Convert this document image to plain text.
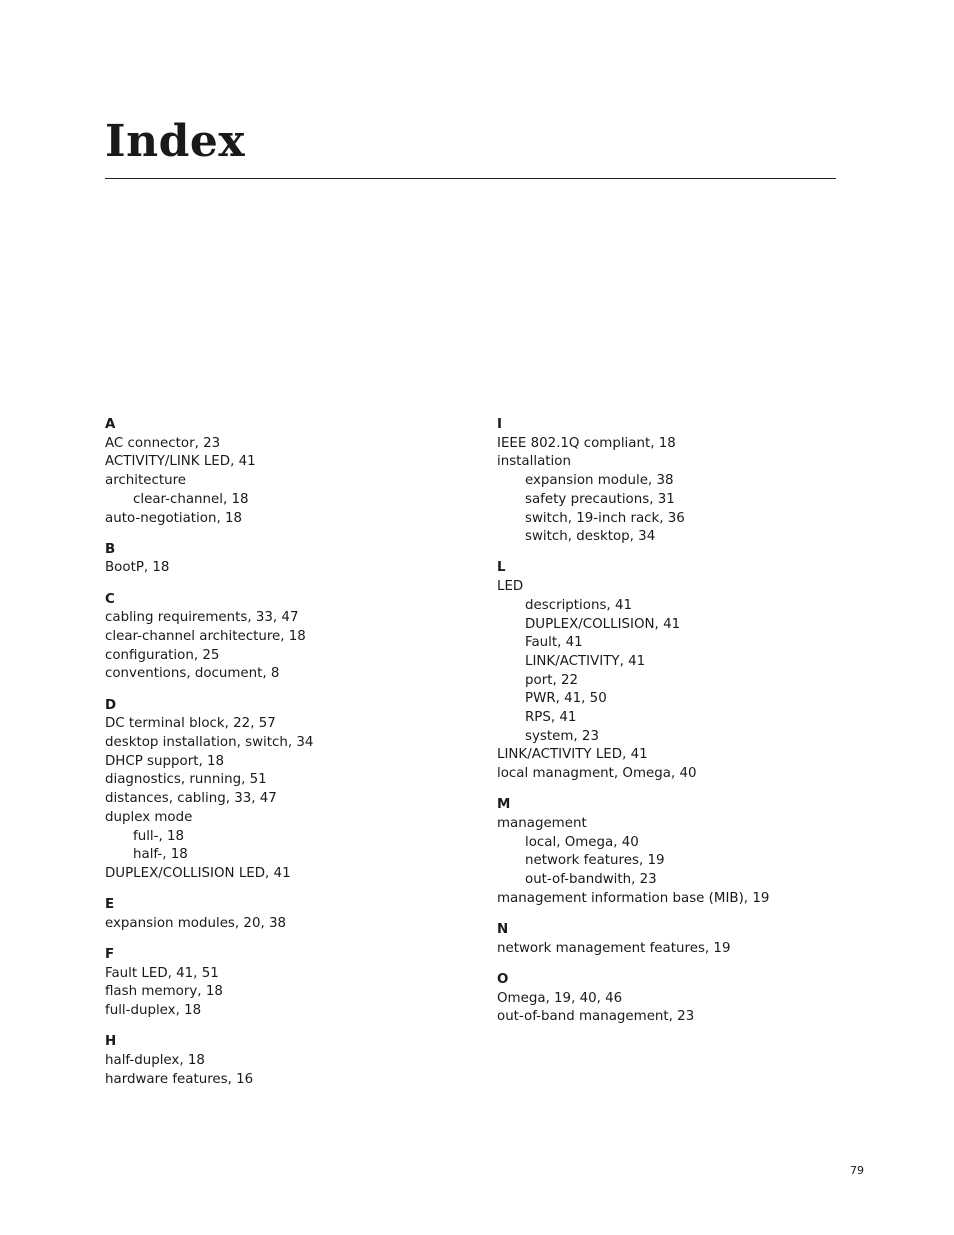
Index
A
AC connector, 23
ACTIVITY/LINK LED, 41
architecture
clear-channel, 18
auto-negotiation, 18
B
BootP, 18
C
cabling requirements, 33, 47
clear-channel architecture, 18
configuration, 25
conventions, document, 8
D
DC terminal block, 22, 57
desktop installation, switch, 34
DHCP support, 18
diagnostics, running, 51
distances, cabling, 33, 47
duplex mode
full-, 18
half-, 18
DUPLEX/COLLISION LED, 41
E
expansion modules, 20, 38
F
Fault LED, 41, 51
flash memory, 18
full-duplex, 18
H
half-duplex, 18
hardware features, 16
I
IEEE 802.1Q compliant, 18
installation
expansion module, 38
safety precautions, 31
switch, 19-inch rack, 36
switch, desktop, 34
L
LED
descriptions, 41
DUPLEX/COLLISION, 41
Fault, 41
LINK/ACTIVITY, 41
port, 22
PWR, 41, 50
RPS, 41
system, 23
LINK/ACTIVITY LED, 41
local managment, Omega, 40
M
management
local, Omega, 40
network features, 19
out-of-bandwith, 23
management information base (MIB), 19
N
network management features, 19
O
Omega, 19, 40, 46
out-of-band management, 23
79
